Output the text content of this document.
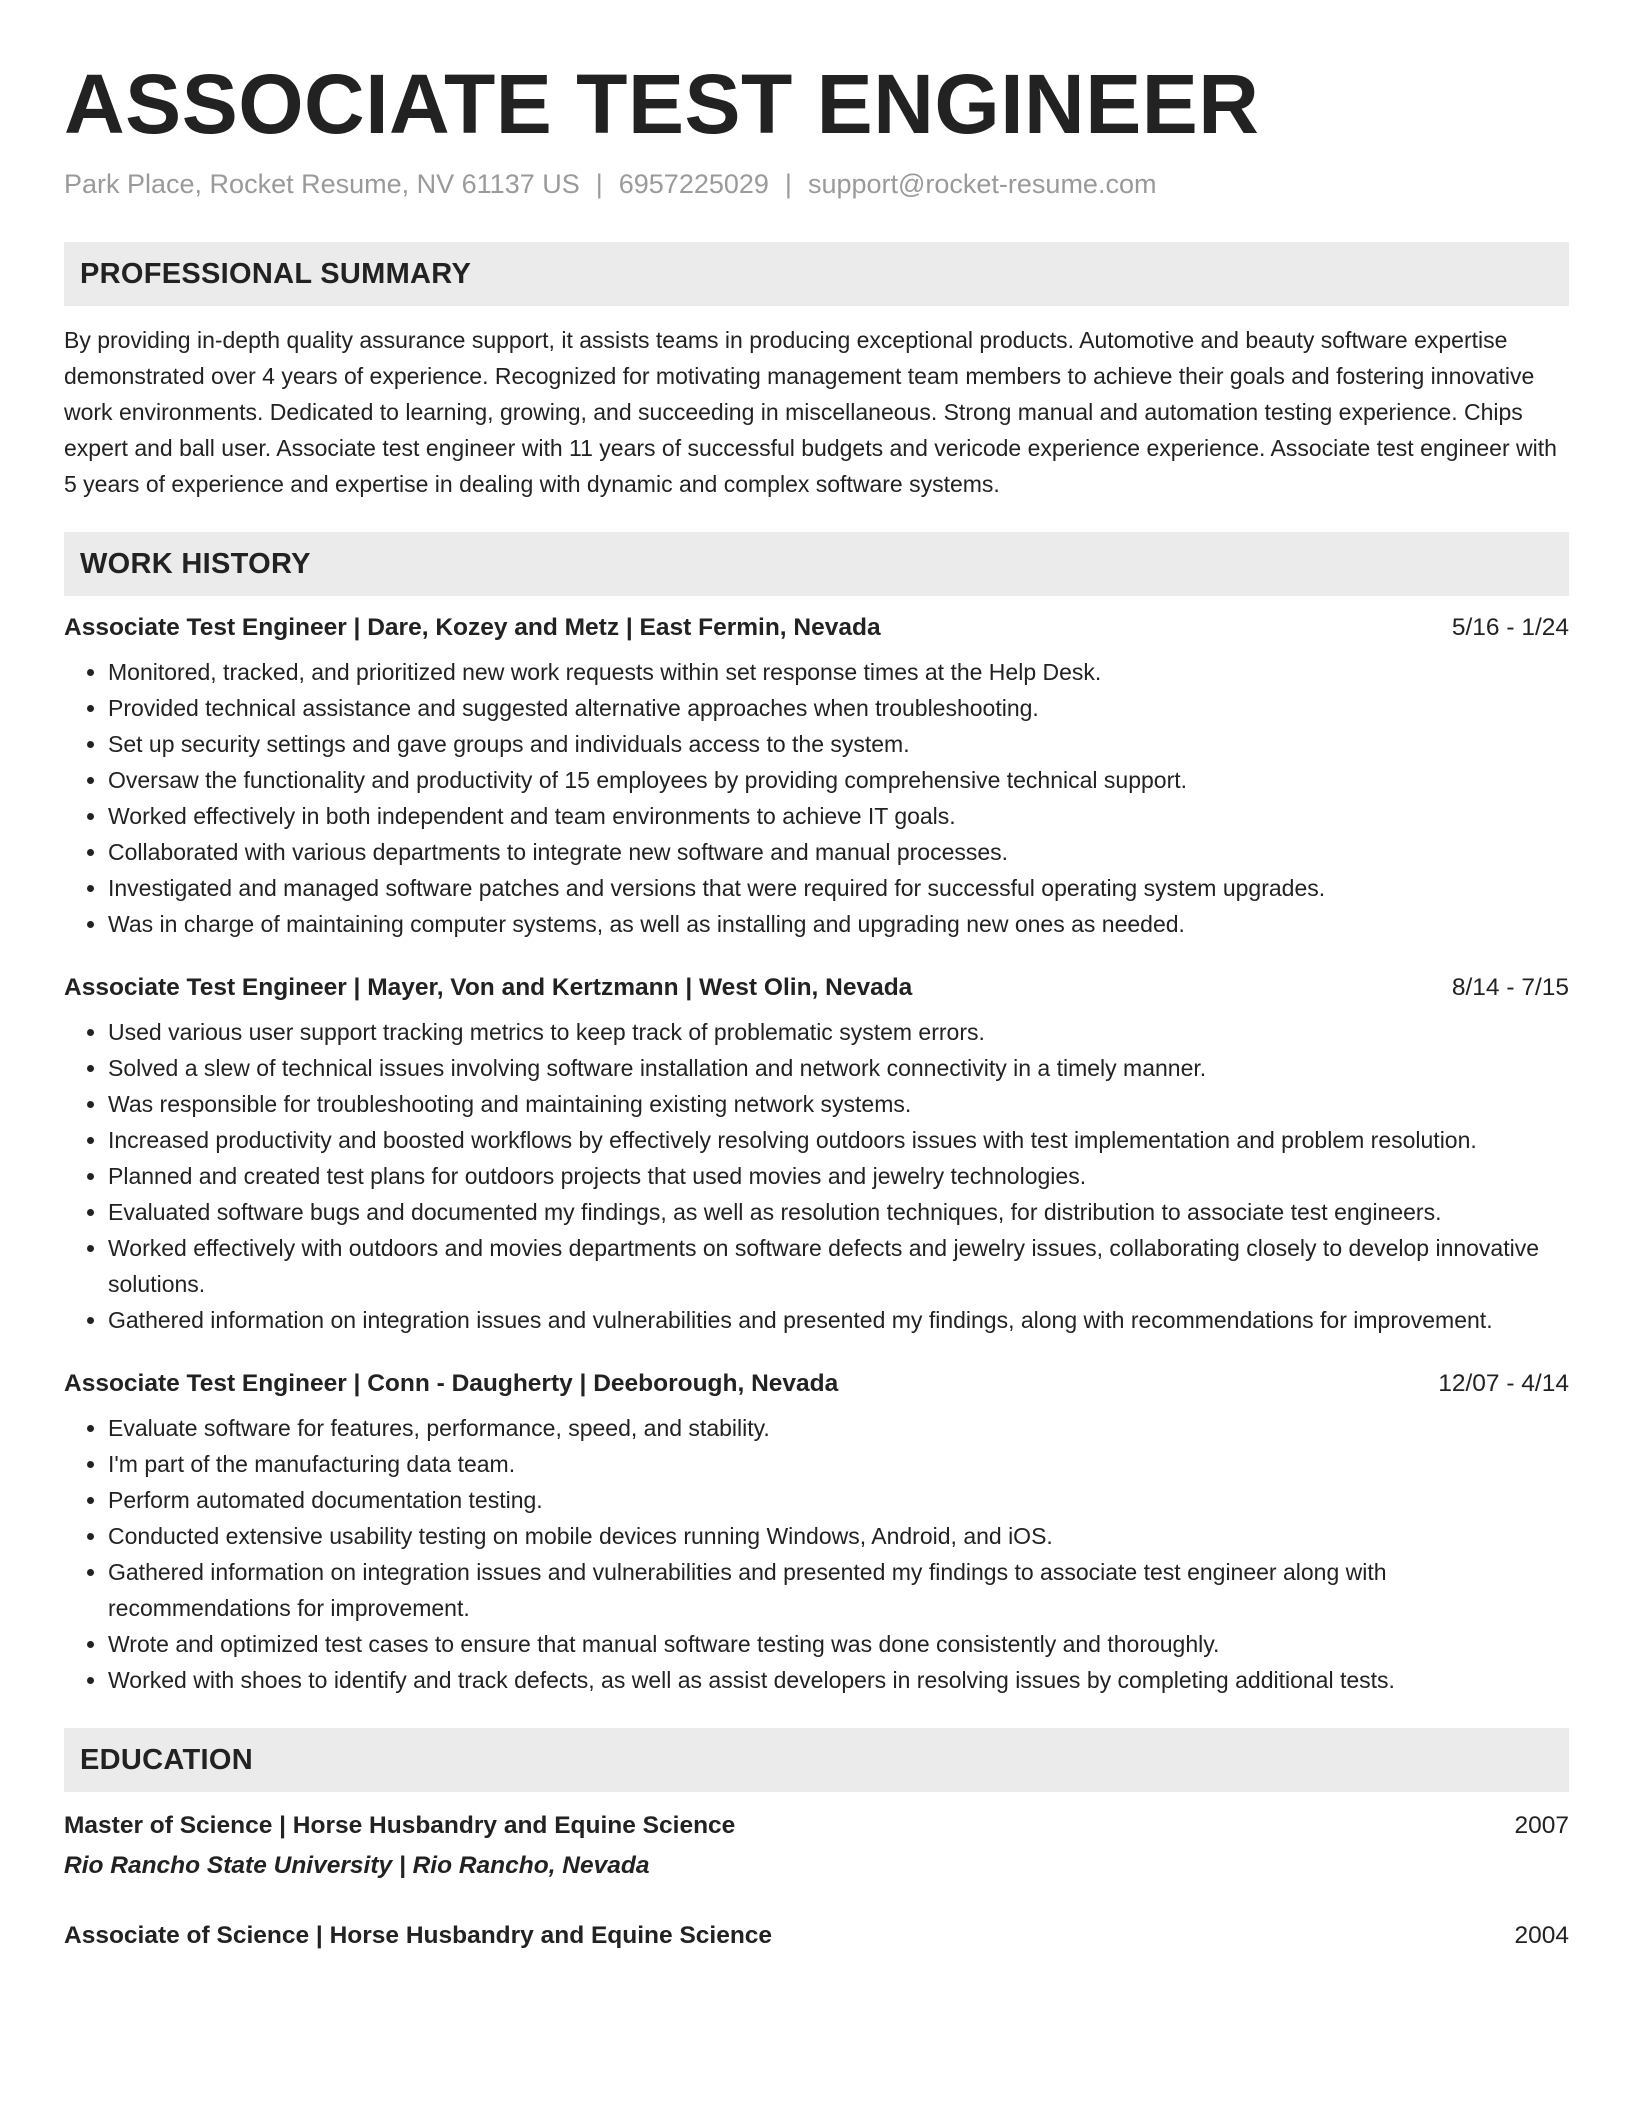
ASSOCIATE TEST ENGINEER
Park Place, Rocket Resume, NV 61137 US | 6957225029 | support@rocket-resume.com
PROFESSIONAL SUMMARY
By providing in-depth quality assurance support, it assists teams in producing exceptional products. Automotive and beauty software expertise demonstrated over 4 years of experience. Recognized for motivating management team members to achieve their goals and fostering innovative work environments. Dedicated to learning, growing, and succeeding in miscellaneous. Strong manual and automation testing experience. Chips expert and ball user. Associate test engineer with 11 years of successful budgets and vericode experience experience. Associate test engineer with 5 years of experience and expertise in dealing with dynamic and complex software systems.
WORK HISTORY
Associate Test Engineer | Dare, Kozey and Metz | East Fermin, Nevada	5/16 - 1/24
• Monitored, tracked, and prioritized new work requests within set response times at the Help Desk.
• Provided technical assistance and suggested alternative approaches when troubleshooting.
• Set up security settings and gave groups and individuals access to the system.
• Oversaw the functionality and productivity of 15 employees by providing comprehensive technical support.
• Worked effectively in both independent and team environments to achieve IT goals.
• Collaborated with various departments to integrate new software and manual processes.
• Investigated and managed software patches and versions that were required for successful operating system upgrades.
• Was in charge of maintaining computer systems, as well as installing and upgrading new ones as needed.
Associate Test Engineer | Mayer, Von and Kertzmann | West Olin, Nevada	8/14 - 7/15
• Used various user support tracking metrics to keep track of problematic system errors.
• Solved a slew of technical issues involving software installation and network connectivity in a timely manner.
• Was responsible for troubleshooting and maintaining existing network systems.
• Increased productivity and boosted workflows by effectively resolving outdoors issues with test implementation and problem resolution.
• Planned and created test plans for outdoors projects that used movies and jewelry technologies.
• Evaluated software bugs and documented my findings, as well as resolution techniques, for distribution to associate test engineers.
• Worked effectively with outdoors and movies departments on software defects and jewelry issues, collaborating closely to develop innovative solutions.
• Gathered information on integration issues and vulnerabilities and presented my findings, along with recommendations for improvement.
Associate Test Engineer | Conn - Daugherty | Deeborough, Nevada	12/07 - 4/14
• Evaluate software for features, performance, speed, and stability.
• I'm part of the manufacturing data team.
• Perform automated documentation testing.
• Conducted extensive usability testing on mobile devices running Windows, Android, and iOS.
• Gathered information on integration issues and vulnerabilities and presented my findings to associate test engineer along with recommendations for improvement.
• Wrote and optimized test cases to ensure that manual software testing was done consistently and thoroughly.
• Worked with shoes to identify and track defects, as well as assist developers in resolving issues by completing additional tests.
EDUCATION
Master of Science | Horse Husbandry and Equine Science	2007
Rio Rancho State University | Rio Rancho, Nevada
Associate of Science | Horse Husbandry and Equine Science	2004
